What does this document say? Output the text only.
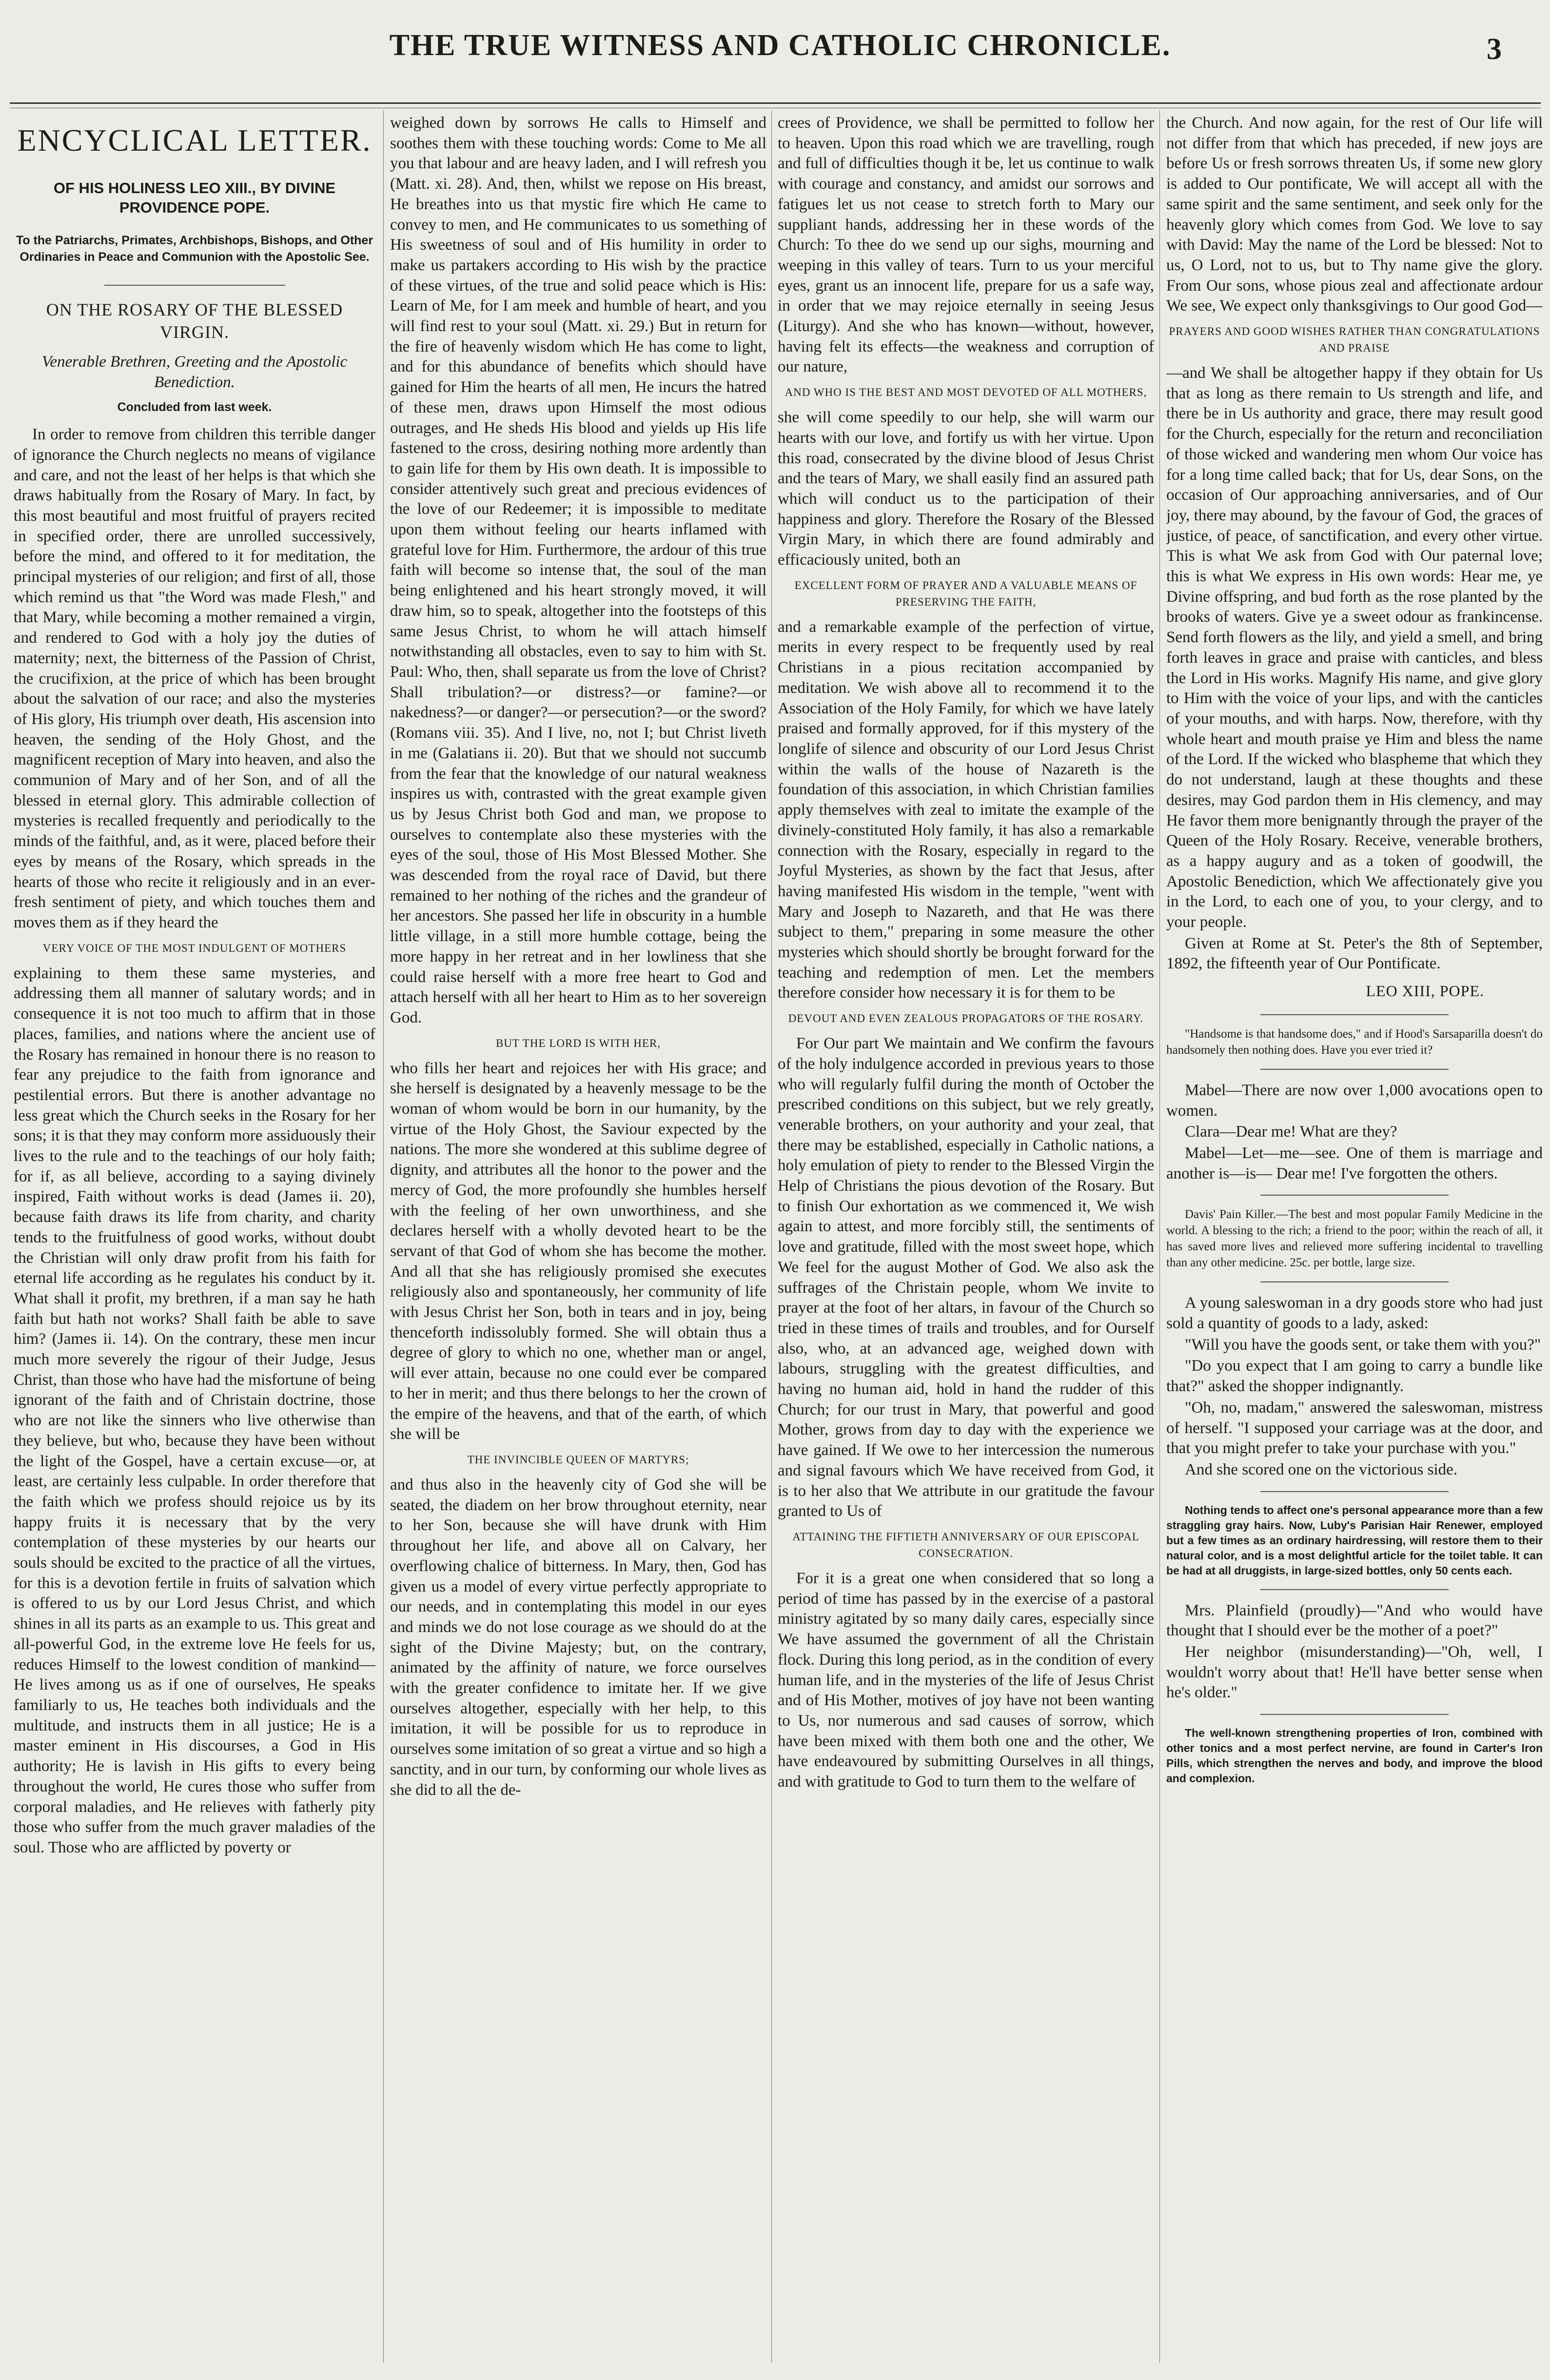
THE TRUE WITNESS AND CATHOLIC CHRONICLE.	3
ENCYCLICAL LETTER.
OF HIS HOLINESS LEO XIII., BY DIVINE PROVIDENCE POPE.
To the Patriarchs, Primates, Archbishops, Bishops, and Other Ordinaries in Peace and Communion with the Apostolic See.
ON THE ROSARY OF THE BLESSED VIRGIN.
Venerable Brethren, Greeting and the Apostolic Benediction.
Concluded from last week.

In order to remove from children this terrible danger of ignorance the Church neglects no means of vigilance and care, and not the least of her helps is that which she draws habitually from the Rosary of Mary. In fact, by this most beautiful and most fruitful of prayers recited in specified order, there are unrolled successively, before the mind, and offered to it for meditation, the principal mysteries of our religion; and first of all, those which remind us that "the Word was made Flesh," and that Mary, while becoming a mother remained a virgin, and rendered to God with a holy joy the duties of maternity; next, the bitterness of the Passion of Christ, the crucifixion, at the price of which has been brought about the salvation of our race; and also the mysteries of His glory, His triumph over death, His ascension into heaven, the sending of the Holy Ghost, and the magnificent reception of Mary into heaven, and also the communion of Mary and of her Son, and of all the blessed in eternal glory. This admirable collection of mysteries is recalled frequently and periodically to the minds of the faithful, and, as it were, placed before their eyes by means of the Rosary, which spreads in the hearts of those who recite it religiously and in an ever-fresh sentiment of piety, and which touches them and moves them as if they heard the

VERY VOICE OF THE MOST INDULGENT OF MOTHERS

explaining to them these same mysteries, and addressing them all manner of salutary words; and in consequence it is not too much to affirm that in those places, families, and nations where the ancient use of the Rosary has remained in honour there is no reason to fear any prejudice to the faith from ignorance and pestilential errors. But there is another advantage no less great which the Church seeks in the Rosary for her sons; it is that they may conform more assiduously their lives to the rule and to the teachings of our holy faith; for if, as all believe, according to a saying divinely inspired, Faith without works is dead (James ii. 20), because faith draws its life from charity, and charity tends to the fruitfulness of good works, without doubt the Christian will only draw profit from his faith for eternal life according as he regulates his conduct by it. What shall it profit, my brethren, if a man say he hath faith but hath not works? Shall faith be able to save him? (James ii. 14). On the contrary, these men incur much more severely the rigour of their Judge, Jesus Christ, than those who have had the misfortune of being ignorant of the faith and of Christain doctrine, those who are not like the sinners who live otherwise than they believe, but who, because they have been without the light of the Gospel, have a certain excuse—or, at least, are certainly less culpable. In order therefore that the faith which we profess should rejoice us by its happy fruits it is necessary that by the very contemplation of these mysteries by our hearts our souls should be excited to the practice of all the virtues, for this is a devotion fertile in fruits of salvation which is offered to us by our Lord Jesus Christ, and which shines in all its parts as an example to us. This great and all-powerful God, in the extreme love He feels for us, reduces Himself to the lowest condition of mankind—He lives among us as if one of ourselves, He speaks familiarly to us, He teaches both individuals and the multitude, and instructs them in all justice; He is a master eminent in His discourses, a God in His authority; He is lavish in His gifts to every being throughout the world, He cures those who suffer from corporal maladies, and He relieves with fatherly pity those who suffer from the much graver maladies of the soul. Those who are afflicted by poverty or

weighed down by sorrows He calls to Himself and soothes them with these touching words: Come to Me all you that labour and are heavy laden, and I will refresh you (Matt. xi. 28). And, then, whilst we repose on His breast, He breathes into us that mystic fire which He came to convey to men, and He communicates to us something of His sweetness of soul and of His humility in order to make us partakers according to His wish by the practice of these virtues, of the true and solid peace which is His: Learn of Me, for I am meek and humble of heart, and you will find rest to your soul (Matt. xi. 29.) But in return for the fire of heavenly wisdom which He has come to light, and for this abundance of benefits which should have gained for Him the hearts of all men, He incurs the hatred of these men, draws upon Himself the most odious outrages, and He sheds His blood and yields up His life fastened to the cross, desiring nothing more ardently than to gain life for them by His own death. It is impossible to consider attentively such great and precious evidences of the love of our Redeemer; it is impossible to meditate upon them without feeling our hearts inflamed with grateful love for Him. Furthermore, the ardour of this true faith will become so intense that, the soul of the man being enlightened and his heart strongly moved, it will draw him, so to speak, altogether into the footsteps of this same Jesus Christ, to whom he will attach himself notwithstanding all obstacles, even to say to him with St. Paul: Who, then, shall separate us from the love of Christ? Shall tribulation?—or distress?—or famine?—or nakedness?—or danger?—or persecution?—or the sword? (Romans viii. 35). And I live, no, not I; but Christ liveth in me (Galatians ii. 20). But that we should not succumb from the fear that the knowledge of our natural weakness inspires us with, contrasted with the great example given us by Jesus Christ both God and man, we propose to ourselves to contemplate also these mysteries with the eyes of the soul, those of His Most Blessed Mother. She was descended from the royal race of David, but there remained to her nothing of the riches and the grandeur of her ancestors. She passed her life in obscurity in a humble little village, in a still more humble cottage, being the more happy in her retreat and in her lowliness that she could raise herself with a more free heart to God and attach herself with all her heart to Him as to her sovereign God.

BUT THE LORD IS WITH HER,

who fills her heart and rejoices her with His grace; and she herself is designated by a heavenly message to be the woman of whom would be born in our humanity, by the virtue of the Holy Ghost, the Saviour expected by the nations. The more she wondered at this sublime degree of dignity, and attributes all the honor to the power and the mercy of God, the more profoundly she humbles herself with the feeling of her own unworthiness, and she declares herself with a wholly devoted heart to be the servant of that God of whom she has become the mother. And all that she has religiously promised she executes religiously also and spontaneously, her community of life with Jesus Christ her Son, both in tears and in joy, being thenceforth indissolubly formed. She will obtain thus a degree of glory to which no one, whether man or angel, will ever attain, because no one could ever be compared to her in merit; and thus there belongs to her the crown of the empire of the heavens, and that of the earth, of which she will be

THE INVINCIBLE QUEEN OF MARTYRS;

and thus also in the heavenly city of God she will be seated, the diadem on her brow throughout eternity, near to her Son, because she will have drunk with Him throughout her life, and above all on Calvary, her overflowing chalice of bitterness. In Mary, then, God has given us a model of every virtue perfectly appropriate to our needs, and in contemplating this model in our eyes and minds we do not lose courage as we should do at the sight of the Divine Majesty; but, on the contrary, animated by the affinity of nature, we force ourselves with the greater confidence to imitate her. If we give ourselves altogether, especially with her help, to this imitation, it will be possible for us to reproduce in ourselves some imitation of so great a virtue and so high a sanctity, and in our turn, by conforming our whole lives as she did to all the de-

crees of Providence, we shall be permitted to follow her to heaven. Upon this road which we are travelling, rough and full of difficulties though it be, let us continue to walk with courage and constancy, and amidst our sorrows and fatigues let us not cease to stretch forth to Mary our suppliant hands, addressing her in these words of the Church: To thee do we send up our sighs, mourning and weeping in this valley of tears. Turn to us your merciful eyes, grant us an innocent life, prepare for us a safe way, in order that we may rejoice eternally in seeing Jesus (Liturgy). And she who has known—without, however, having felt its effects—the weakness and corruption of our nature,

AND WHO IS THE BEST AND MOST DEVOTED OF ALL MOTHERS,

she will come speedily to our help, she will warm our hearts with our love, and fortify us with her virtue. Upon this road, consecrated by the divine blood of Jesus Christ and the tears of Mary, we shall easily find an assured path which will conduct us to the participation of their happiness and glory. Therefore the Rosary of the Blessed Virgin Mary, in which there are found admirably and efficaciously united, both an

EXCELLENT FORM OF PRAYER AND A VALUABLE MEANS OF PRESERVING THE FAITH,

and a remarkable example of the perfection of virtue, merits in every respect to be frequently used by real Christians in a pious recitation accompanied by meditation. We wish above all to recommend it to the Association of the Holy Family, for which we have lately praised and formally approved, for if this mystery of the longlife of silence and obscurity of our Lord Jesus Christ within the walls of the house of Nazareth is the foundation of this association, in which Christian families apply themselves with zeal to imitate the example of the divinely-constituted Holy family, it has also a remarkable connection with the Rosary, especially in regard to the Joyful Mysteries, as shown by the fact that Jesus, after having manifested His wisdom in the temple, "went with Mary and Joseph to Nazareth, and that He was there subject to them," preparing in some measure the other mysteries which should shortly be brought forward for the teaching and redemption of men. Let the members therefore consider how necessary it is for them to be

DEVOUT AND EVEN ZEALOUS PROPAGATORS OF THE ROSARY.

For Our part We maintain and We confirm the favours of the holy indulgence accorded in previous years to those who will regularly fulfil during the month of October the prescribed conditions on this subject, but we rely greatly, venerable brothers, on your authority and your zeal, that there may be established, especially in Catholic nations, a holy emulation of piety to render to the Blessed Virgin the Help of Christians the pious devotion of the Rosary. But to finish Our exhortation as we commenced it, We wish again to attest, and more forcibly still, the sentiments of love and gratitude, filled with the most sweet hope, which We feel for the august Mother of God. We also ask the suffrages of the Christain people, whom We invite to prayer at the foot of her altars, in favour of the Church so tried in these times of trails and troubles, and for Ourself also, who, at an advanced age, weighed down with labours, struggling with the greatest difficulties, and having no human aid, hold in hand the rudder of this Church; for our trust in Mary, that powerful and good Mother, grows from day to day with the experience we have gained. If We owe to her intercession the numerous and signal favours which We have received from God, it is to her also that We attribute in our gratitude the favour granted to Us of

ATTAINING THE FIFTIETH ANNIVERSARY OF OUR EPISCOPAL CONSECRATION.

For it is a great one when considered that so long a period of time has passed by in the exercise of a pastoral ministry agitated by so many daily cares, especially since We have assumed the government of all the Christain flock. During this long period, as in the condition of every human life, and in the mysteries of the life of Jesus Christ and of His Mother, motives of joy have not been wanting to Us, nor numerous and sad causes of sorrow, which have been mixed with them both one and the other, We have endeavoured by submitting Ourselves in all things, and with gratitude to God to turn them to the welfare of

the Church. And now again, for the rest of Our life will not differ from that which has preceded, if new joys are before Us or fresh sorrows threaten Us, if some new glory is added to Our pontificate, We will accept all with the same spirit and the same sentiment, and seek only for the heavenly glory which comes from God. We love to say with David: May the name of the Lord be blessed: Not to us, O Lord, not to us, but to Thy name give the glory. From Our sons, whose pious zeal and affectionate ardour We see, We expect only thanksgivings to Our good God—

PRAYERS AND GOOD WISHES RATHER THAN CONGRATULATIONS AND PRAISE

—and We shall be altogether happy if they obtain for Us that as long as there remain to Us strength and life, and there be in Us authority and grace, there may result good for the Church, especially for the return and reconciliation of those wicked and wandering men whom Our voice has for a long time called back; that for Us, dear Sons, on the occasion of Our approaching anniversaries, and of Our joy, there may abound, by the favour of God, the graces of justice, of peace, of sanctification, and every other virtue. This is what We ask from God with Our paternal love; this is what We express in His own words: Hear me, ye Divine offspring, and bud forth as the rose planted by the brooks of waters. Give ye a sweet odour as frankincense. Send forth flowers as the lily, and yield a smell, and bring forth leaves in grace and praise with canticles, and bless the Lord in His works. Magnify His name, and give glory to Him with the voice of your lips, and with the canticles of your mouths, and with harps. Now, therefore, with thy whole heart and mouth praise ye Him and bless the name of the Lord. If the wicked who blaspheme that which they do not understand, laugh at these thoughts and these desires, may God pardon them in His clemency, and may He favor them more benignantly through the prayer of the Queen of the Holy Rosary. Receive, venerable brothers, as a happy augury and as a token of goodwill, the Apostolic Benediction, which We affectionately give you in the Lord, to each one of you, to your clergy, and to your people.

Given at Rome at St. Peter's the 8th of September, 1892, the fifteenth year of Our Pontificate.

LEO XIII, POPE.

"Handsome is that handsome does," and if Hood's Sarsaparilla doesn't do handsomely then nothing does. Have you ever tried it?

Mabel—There are now over 1,000 avocations open to women.

Clara—Dear me! What are they?

Mabel—Let—me—see. One of them is marriage and another is—is— Dear me! I've forgotten the others.

Davis' Pain Killer.—The best and most popular Family Medicine in the world. A blessing to the rich; a friend to the poor; within the reach of all, it has saved more lives and relieved more suffering incidental to travelling than any other medicine. 25c. per bottle, large size.

A young saleswoman in a dry goods store who had just sold a quantity of goods to a lady, asked:

"Will you have the goods sent, or take them with you?"

"Do you expect that I am going to carry a bundle like that?" asked the shopper indignantly.

"Oh, no, madam," answered the saleswoman, mistress of herself. "I supposed your carriage was at the door, and that you might prefer to take your purchase with you."

And she scored one on the victorious side.

Nothing tends to affect one's personal appearance more than a few straggling gray hairs. Now, Luby's Parisian Hair Renewer, employed but a few times as an ordinary hairdressing, will restore them to their natural color, and is a most delightful article for the toilet table. It can be had at all druggists, in large-sized bottles, only 50 cents each.

Mrs. Plainfield (proudly)—"And who would have thought that I should ever be the mother of a poet?"

Her neighbor (misunderstanding)—"Oh, well, I wouldn't worry about that! He'll have better sense when he's older."

The well-known strengthening properties of Iron, combined with other tonics and a most perfect nervine, are found in Carter's Iron Pills, which strengthen the nerves and body, and improve the blood and complexion.
